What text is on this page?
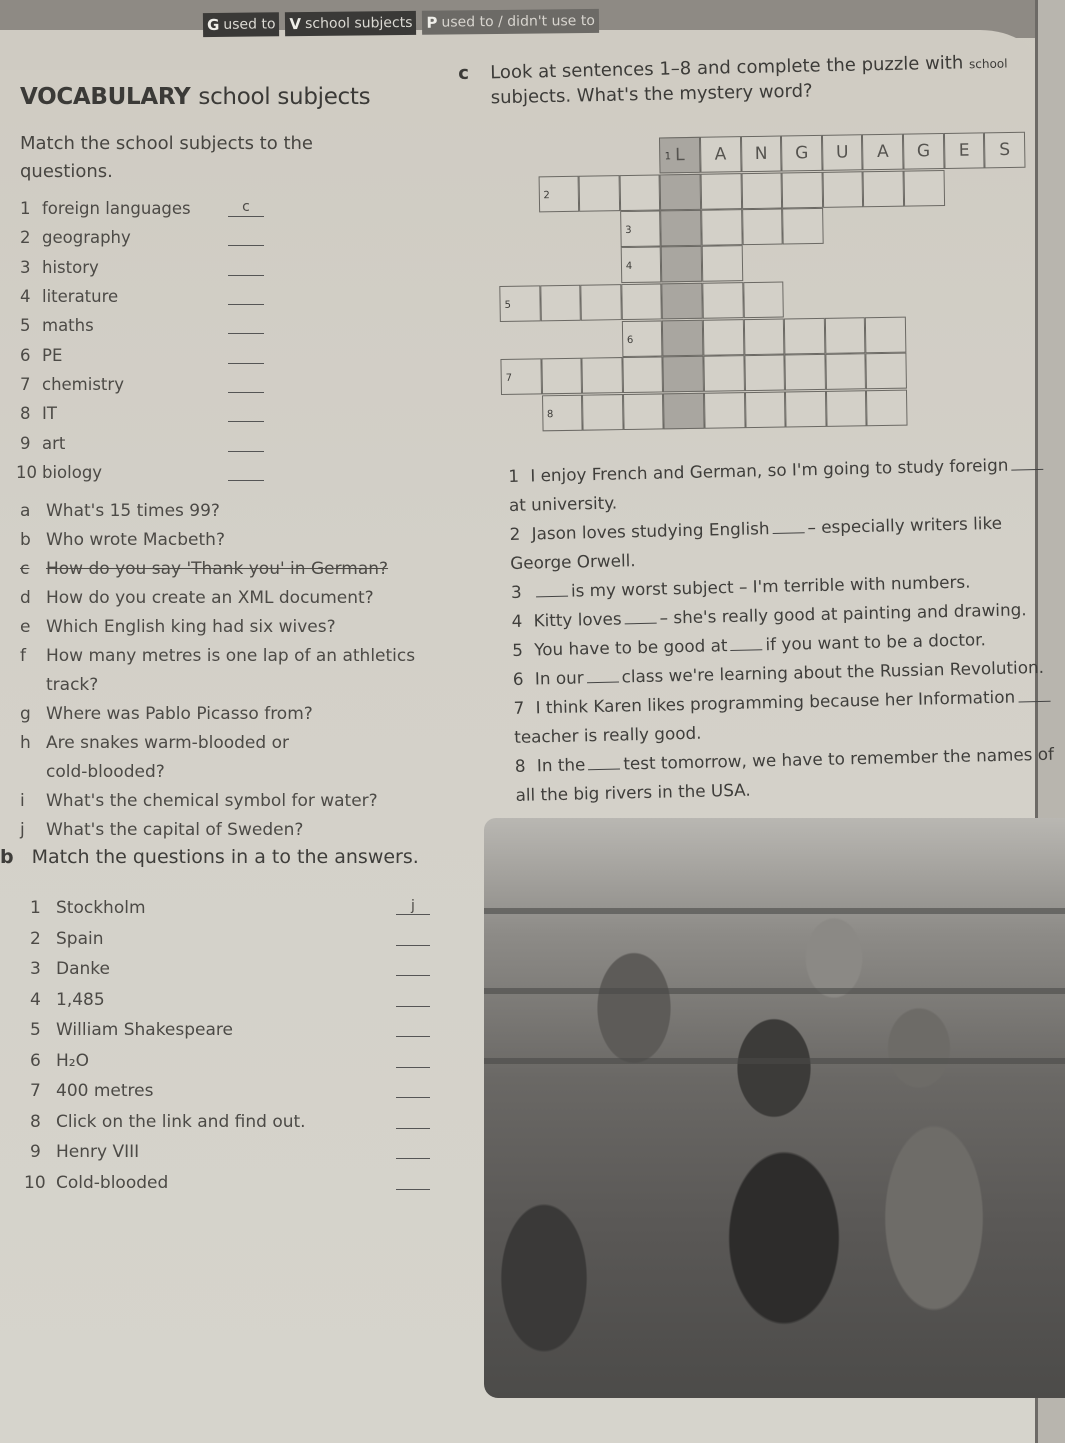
G used to V school subjects P used to / didn't use to
VOCABULARY school subjects
Match the school subjects to the questions.
1 foreign languages	c
2 geography
3 history
4 literature
5 maths
6 PE
7 chemistry
8 IT
9 art
10 biology
a What's 15 times 99?
b Who wrote Macbeth?
c How do you say 'Thank you' in German?
d How do you create an XML document?
e Which English king had six wives?
f	How many metres is one lap of an athletics
track?
g Where was Pablo Picasso from?
h Are snakes warm-blooded or
cold-blooded?
i	What's the chemical symbol for water?
j	What's the capital of Sweden?
b Match the questions in a to the answers.
1 Stockholm	j
2 Spain
3 Danke
4 1,485
5 William Shakespeare
6 H₂O
7 400 metres
8 Click on the link and find out.
9 Henry VIII
10 Cold-blooded
c Look at sentences 1–8 and complete the puzzle with school
subjects. What's the mystery word?
1 L	A	N	G	U	A	G	E	S
2
3
4
5
6
7
8
1 I enjoy French and German, so I'm going to study foreign
at university.
2 Jason loves studying English – especially writers like
George Orwell.
3	is my worst subject – I'm terrible with numbers.
4 Kitty loves – she's really good at painting and drawing.
5 You have to be good at if you want to be a doctor.
6 In our class we're learning about the Russian Revolution.
7 I think Karen likes programming because her Information
teacher is really good.
8 In the test tomorrow, we have to remember the names of
all the big rivers in the USA.
